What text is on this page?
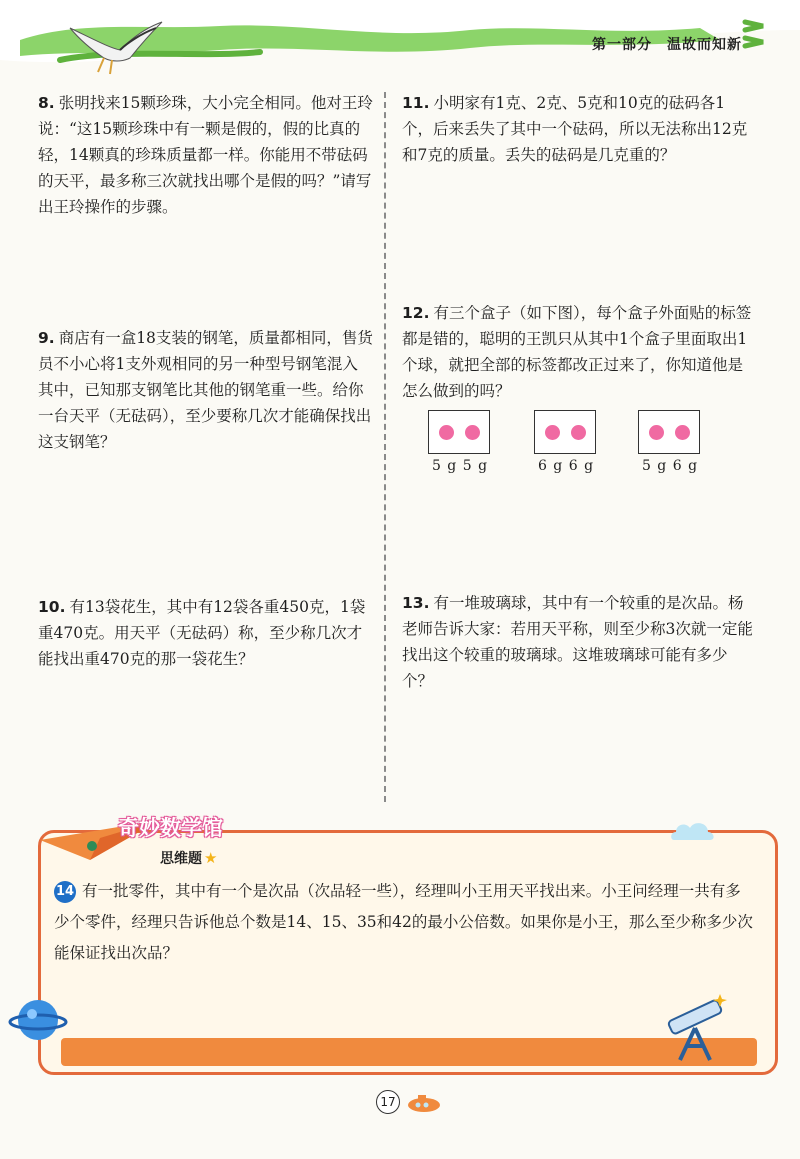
第一部分　温故而知新
8. 张明找来15颗珍珠，大小完全相同。他对王玲说：“这15颗珍珠中有一颗是假的，假的比真的轻，14颗真的珍珠质量都一样。你能用不带砝码的天平，最多称三次就找出哪个是假的吗？”请写出王玲操作的步骤。
9. 商店有一盒18支装的钢笔，质量都相同，售货员不小心将1支外观相同的另一种型号钢笔混入其中，已知那支钢笔比其他的钢笔重一些。给你一台天平（无砝码），至少要称几次才能确保找出这支钢笔？
10. 有13袋花生，其中有12袋各重450克，1袋重470克。用天平（无砝码）称，至少称几次才能找出重470克的那一袋花生？
11. 小明家有1克、2克、5克和10克的砝码各1个，后来丢失了其中一个砝码，所以无法称出12克和7克的质量。丢失的砝码是几克重的？
12. 有三个盒子（如下图），每个盒子外面贴的标签都是错的，聪明的王凯只从其中1个盒子里面取出1个球，就把全部的标签都改正过来了，你知道他是怎么做到的吗？
5 g 5 g	6 g 6 g	5 g 6 g
13. 有一堆玻璃球，其中有一个较重的是次品。杨老师告诉大家：若用天平称，则至少称3次就一定能找出这个较重的玻璃球。这堆玻璃球可能有多少个？
奇妙数学馆
思维题 ★
14 有一批零件，其中有一个是次品（次品轻一些），经理叫小王用天平找出来。小王问经理一共有多少个零件，经理只告诉他总个数是14、15、35和42的最小公倍数。如果你是小王，那么至少称多少次能保证找出次品？
17
